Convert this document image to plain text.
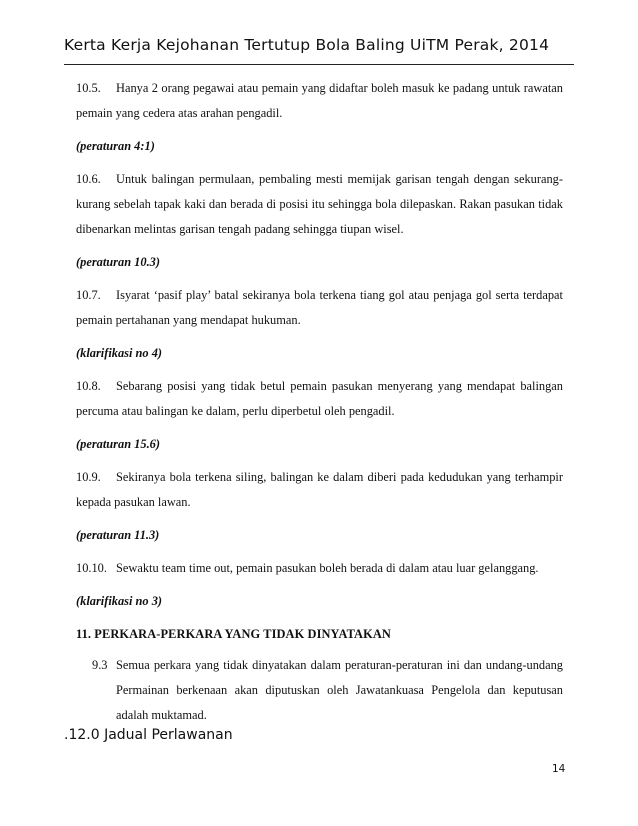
Kerta Kerja Kejohanan Tertutup Bola Baling UiTM Perak, 2014

10.5. Hanya 2 orang pegawai atau pemain yang didaftar boleh masuk ke padang untuk rawatan pemain yang cedera atas arahan pengadil.

(peraturan 4:1)

10.6. Untuk balingan permulaan, pembaling mesti memijak garisan tengah dengan sekurang-kurang sebelah tapak kaki dan berada di posisi itu sehingga bola dilepaskan. Rakan pasukan tidak dibenarkan melintas garisan tengah padang sehingga tiupan wisel.

(peraturan 10.3)

10.7. Isyarat ‘pasif play’ batal sekiranya bola terkena tiang gol atau penjaga gol serta terdapat pemain pertahanan yang mendapat hukuman.

(klarifikasi no 4)

10.8. Sebarang posisi yang tidak betul pemain pasukan menyerang yang mendapat balingan percuma atau balingan ke dalam, perlu diperbetul oleh pengadil.

(peraturan 15.6)

10.9. Sekiranya bola terkena siling, balingan ke dalam diberi pada kedudukan yang terhampir kepada pasukan lawan.

(peraturan 11.3)

10.10. Sewaktu team time out, pemain pasukan boleh berada di dalam atau luar gelanggang.

(klarifikasi no 3)

11. PERKARA-PERKARA YANG TIDAK DINYATAKAN

9.3 Semua perkara yang tidak dinyatakan dalam peraturan-peraturan ini dan undang-undang Permainan berkenaan akan diputuskan oleh Jawatankuasa Pengelola dan keputusan adalah muktamad.

.12.0 Jadual Perlawanan
14
